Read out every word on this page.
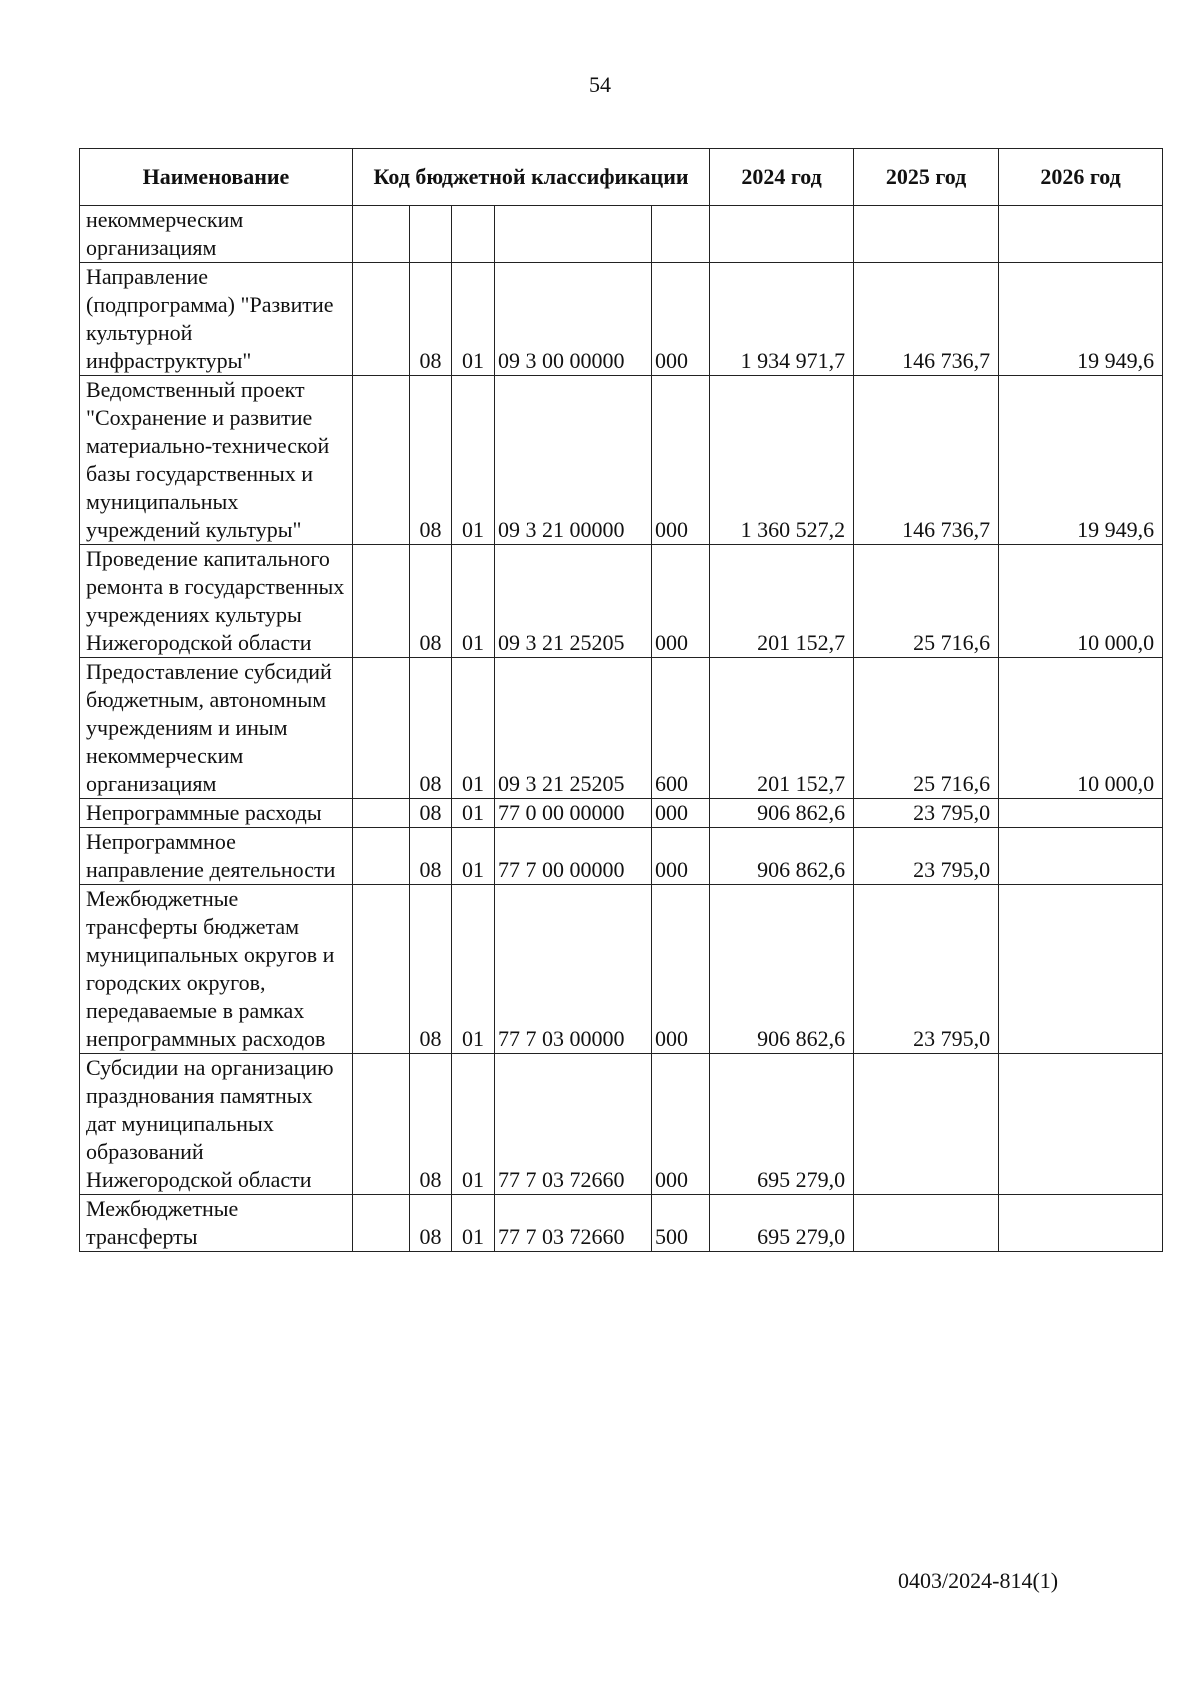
54
Наименование	Код бюджетной классификации					2024 год	2025 год	2026 год
некоммерческим организациям								
Направление (подпрограмма) "Развитие культурной инфраструктуры"		08	01	09 3 00 00000	000	1 934 971,7	146 736,7	19 949,6
Ведомственный проект "Сохранение и развитие материально-технической базы государственных и муниципальных учреждений культуры"		08	01	09 3 21 00000	000	1 360 527,2	146 736,7	19 949,6
Проведение капитального ремонта в государственных учреждениях культуры Нижегородской области		08	01	09 3 21 25205	000	201 152,7	25 716,6	10 000,0
Предоставление субсидий бюджетным, автономным учреждениям и иным некоммерческим организациям		08	01	09 3 21 25205	600	201 152,7	25 716,6	10 000,0
Непрограммные расходы		08	01	77 0 00 00000	000	906 862,6	23 795,0	
Непрограммное направление деятельности		08	01	77 7 00 00000	000	906 862,6	23 795,0	
Межбюджетные трансферты бюджетам муниципальных округов и городских округов, передаваемые в рамках непрограммных расходов		08	01	77 7 03 00000	000	906 862,6	23 795,0	
Субсидии на организацию празднования памятных дат муниципальных образований Нижегородской области		08	01	77 7 03 72660	000	695 279,0		
Межбюджетные трансферты		08	01	77 7 03 72660	500	695 279,0		
0403/2024-814(1)
